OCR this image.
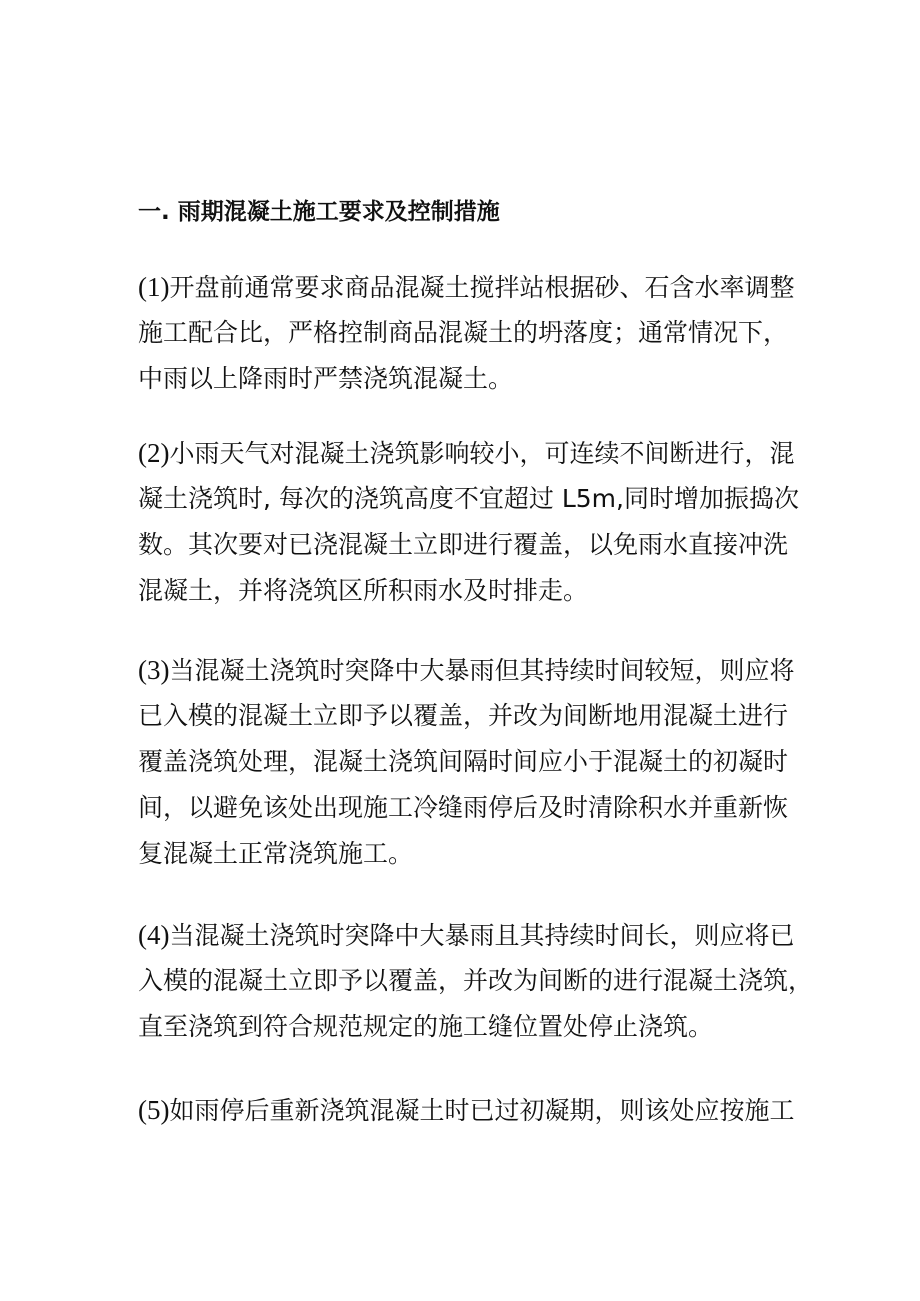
一. 雨期混凝土施工要求及控制措施
(1)开盘前通常要求商品混凝土搅拌站根据砂、石含水率调整
施工配合比，严格控制商品混凝土的坍落度；通常情况下，
中雨以上降雨时严禁浇筑混凝土。
(2)小雨天气对混凝土浇筑影响较小，可连续不间断进行，混
凝土浇筑时, 每次的浇筑高度不宜超过 L5m,同时增加振捣次
数。其次要对已浇混凝土立即进行覆盖，以免雨水直接冲洗
混凝土，并将浇筑区所积雨水及时排走。
(3)当混凝土浇筑时突降中大暴雨但其持续时间较短，则应将
已入模的混凝土立即予以覆盖，并改为间断地用混凝土进行
覆盖浇筑处理，混凝土浇筑间隔时间应小于混凝土的初凝时
间，以避免该处出现施工冷缝雨停后及时清除积水并重新恢
复混凝土正常浇筑施工。
(4)当混凝土浇筑时突降中大暴雨且其持续时间长，则应将已
入模的混凝土立即予以覆盖，并改为间断的进行混凝土浇筑，
直至浇筑到符合规范规定的施工缝位置处停止浇筑。
(5)如雨停后重新浇筑混凝土时已过初凝期，则该处应按施工
